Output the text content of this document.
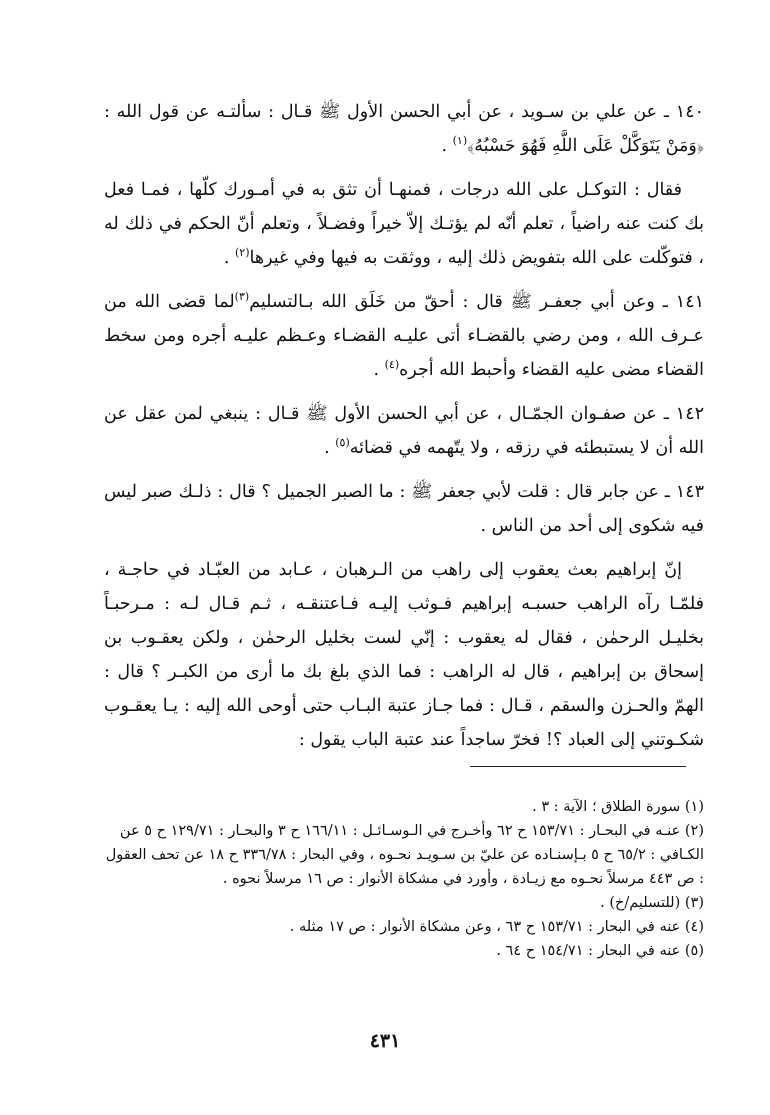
١٤٠ ـ عن علي بن سـويد ، عن أبي الحسن الأول ﷺ قـال : سألتـه عن قول الله : ﴿وَمَنْ يَتَوَكَّلْ عَلَى اللَّهِ فَهُوَ حَسْبُهُ﴾$^{(١)}$ .

فقال : التوكـل على الله درجات ، فمنهـا أن تثق به في أمـورك كلّها ، فمـا فعل بك كنت عنه راضياً ، تعلم أنّه لم يؤتـك إلاّ خيراً وفضـلاً ، وتعلم أنّ الحكم في ذلك له ، فتوكّلت على الله بتفويض ذلك إليه ، ووثقت به فيها وفي غيرها$^{(٢)}$ .

١٤١ ـ وعن أبي جعفـر ﷺ قال : أحقّ من خَلَق الله بـالتسليم$^{(٣)}$لما قضى الله من عـرف الله ، ومن رضي بالقضـاء أتى عليـه القضـاء وعـظم عليـه أجره ومن سخط القضاء مضى عليه القضاء وأحبط الله أجره$^{(٤)}$ .

١٤٢ ـ عن صفـوان الجمّـال ، عن أبي الحسن الأول ﷺ قـال : ينبغي لمن عقل عن الله أن لا يستبطئه في رزقه ، ولا يتّهمه في قضائه$^{(٥)}$ .

١٤٣ ـ عن جابر قال : قلت لأبي جعفر ﷺ : ما الصبر الجميل ؟ قال : ذلـك صبر ليس فيه شكوى إلى أحد من الناس .

إنّ إبراهيم بعث يعقوب إلى راهب من الـرهبان ، عـابد من العبّـاد في حاجـة ، فلمّـا رآه الراهب حسبـه إبراهيم فـوثب إليـه فـاعتنقـه ، ثـم قـال لـه : مـرحبـاً بخليـل الرحمٰن ، فقال له يعقوب : إنّي لست بخليل الرحمٰن ، ولكن يعقـوب بن إسحاق بن إبراهيم ، قال له الراهب : فما الذي بلغ بك ما أرى من الكبـر ؟ قال : الهمّ والحـزن والسقم ، قـال : فما جـاز عتبة البـاب حتى أوحى الله إليه : يـا يعقـوب شكـوتني إلى العباد ؟! فخرّ ساجداً عند عتبة الباب يقول :

(١) سورة الطلاق ؛ الآية : ٣ .

(٢) عنـه في البحـار : ١٥٣/٧١ ح ٦٢ وأخـرج في الـوسـائـل : ١٦٦/١١ ح ٣ والبحـار : ١٢٩/٧١ ح ٥ عن الكـافي : ٦٥/٢ ح ٥ بـإسنـاده عن عليّ بن سـويـد نحـوه ، وفي البحار : ٣٣٦/٧٨ ح ١٨ عن تحف العقول : ص ٤٤٣ مرسلاً نحـوه مع زيـادة ، وأورد في مشكاة الأنوار : ص ١٦ مرسلاً نحوه .

(٣) (للتسليم/خ) .

(٤) عنه في البحار : ١٥٣/٧١ ح ٦٣ ، وعن مشكاة الأنوار : ص ١٧ مثله .

(٥) عنه في البحار : ١٥٤/٧١ ح ٦٤ .

٤٣١
